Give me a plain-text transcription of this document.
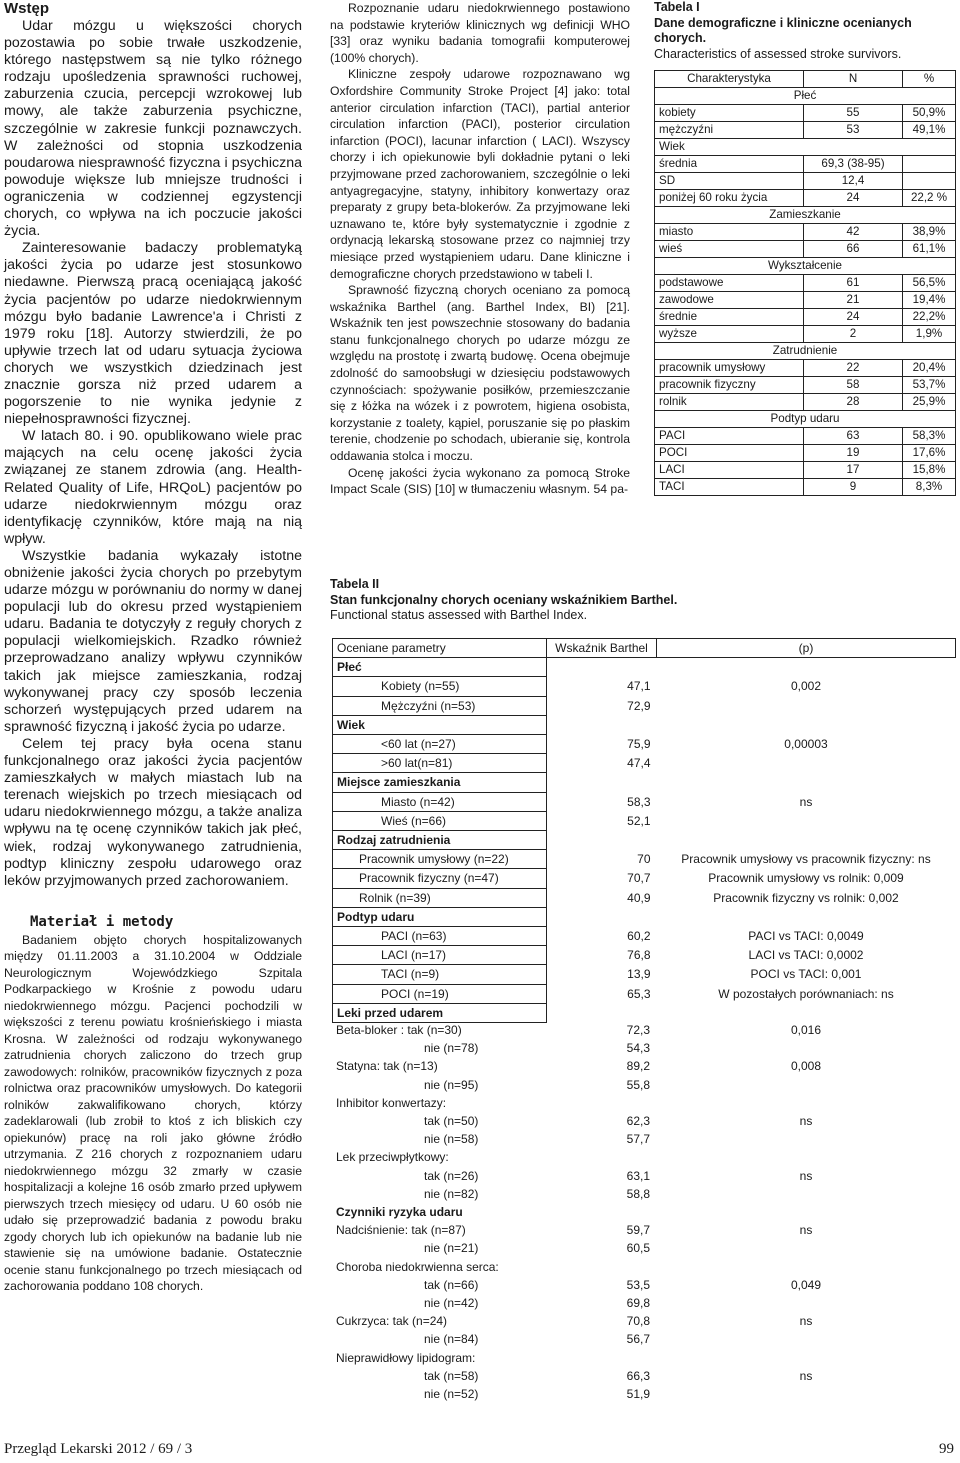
Wstęp

Udar mózgu u większości chorych pozostawia po sobie trwałe uszkodzenie, którego następstwem są nie tylko różnego rodzaju upośledzenia sprawności ruchowej, zaburzenia czucia, percepcji wzrokowej lub mowy, ale także zaburzenia psychiczne, szczególnie w zakresie funkcji poznawczych. W zależności od stopnia uszkodzenia poudarowa niesprawność fizyczna i psychiczna powoduje większe lub mniejsze trudności i ograniczenia w codziennej egzystencji chorych, co wpływa na ich poczucie jakości życia.

Zainteresowanie badaczy problematyką jakości życia po udarze jest stosunkowo niedawne. Pierwszą pracą oceniającą jakość życia pacjentów po udarze niedokrwiennym mózgu było badanie Lawrence'a i Christi z 1979 roku [18]. Autorzy stwierdzili, że po upływie trzech lat od udaru sytuacja życiowa chorych we wszystkich dziedzinach jest znacznie gorsza niż przed udarem a pogorszenie to nie wynika jedynie z niepełnosprawności fizycznej.

W latach 80. i 90. opublikowano wiele prac mających na celu ocenę jakości życia związanej ze stanem zdrowia (ang. Health-Related Quality of Life, HRQoL) pacjentów po udarze niedokrwiennym mózgu oraz identyfikację czynników, które mają na nią wpływ.

Wszystkie badania wykazały istotne obniżenie jakości życia chorych po przebytym udarze mózgu w porównaniu do normy w danej populacji lub do okresu przed wystąpieniem udaru. Badania te dotyczyły z reguły chorych z populacji wielkomiejskich. Rzadko również przeprowadzano analizy wpływu czynników takich jak miejsce zamieszkania, rodzaj wykonywanej pracy czy sposób leczenia schorzeń występujących przed udarem na sprawność fizyczną i jakość życia po udarze.

Celem tej pracy była ocena stanu funkcjonalnego oraz jakości życia pacjentów zamieszkałych w małych miastach lub na terenach wiejskich po trzech miesiącach od udaru niedokrwiennego mózgu, a także analiza wpływu na tę ocenę czynników takich jak płeć, wiek, rodzaj wykonywanego zatrudnienia, podtyp kliniczny zespołu udarowego oraz leków przyjmowanych przed zachorowaniem.

Materiał i metody

Badaniem objęto chorych hospitalizowanych między 01.11.2003 a 31.10.2004 w Oddziale Neurologicznym Wojewódzkiego Szpitala Podkarpackiego w Krośnie z powodu udaru niedokrwiennego mózgu. Pacjenci pochodzili w większości z terenu powiatu krośnieńskiego i miasta Krosna. W zależności od rodzaju wykonywanego zatrudnienia chorych zaliczono do trzech grup zawodowych: rolników, pracowników fizycznych z poza rolnictwa oraz pracowników umysłowych. Do kategorii rolników zakwalifikowano chorych, którzy zadeklarowali (lub zrobił to ktoś z ich bliskich czy opiekunów) pracę na roli jako główne źródło utrzymania. Z 216 chorych z rozpoznaniem udaru niedokrwiennego mózgu 32 zmarły w czasie hospitalizacji a kolejne 16 osób zmarło przed upływem pierwszych trzech miesięcy od udaru. U 60 osób nie udało się przeprowadzić badania z powodu braku zgody chorych lub ich opiekunów na badanie lub nie stawienie się na umówione badanie. Ostatecznie ocenie stanu funkcjonalnego po trzech miesiącach od zachorowania poddano 108 chorych.

Rozpoznanie udaru niedokrwiennego postawiono na podstawie kryteriów klinicznych wg definicji WHO [33] oraz wyniku badania tomografii komputerowej (100% chorych).

Kliniczne zespoły udarowe rozpoznawano wg Oxfordshire Community Stroke Project [4] jako: total anterior circulation infarction (TACI), partial anterior circulation infarction (PACI), posterior circulation infarction (POCI), lacunar infarction ( LACI). Wszyscy chorzy i ich opiekunowie byli dokładnie pytani o leki przyjmowane przed zachorowaniem, szczególnie o leki antyagregacyjne, statyny, inhibitory konwertazy oraz preparaty z grupy beta-blokerów. Za przyjmowane leki uznawano te, które były systematycznie i zgodnie z ordynacją lekarską stosowane przez co najmniej trzy miesiące przed wystąpieniem udaru. Dane kliniczne i demograficzne chorych przedstawiono w tabeli I.

Sprawność fizyczną chorych oceniano za pomocą wskaźnika Barthel (ang. Barthel Index, BI) [21]. Wskaźnik ten jest powszechnie stosowany do badania stanu funkcjonalnego chorych po udarze mózgu ze względu na prostotę i zwartą budowę. Ocena obejmuje zdolność do samoobsługi w dziesięciu podstawowych czynnościach: spożywanie posiłków, przemieszczanie się z łóżka na wózek i z powrotem, higiena osobista, korzystanie z toalety, kąpiel, poruszanie się po płaskim terenie, chodzenie po schodach, ubieranie się, kontrola oddawania stolca i moczu.

Ocenę jakości życia wykonano za pomocą Stroke Impact Scale (SIS) [10] w tłumaczeniu własnym. 54 pa-

Tabela I
Dane demograficzne i kliniczne ocenianych chorych.
Characteristics of assessed stroke survivors.
Charakterystyka	N	%
Płeć		
kobiety	55	50,9%
mężczyźni	53	49,1%
Wiek		
średnia	69,3 (38-95)	
SD	12,4	
poniżej 60 roku życia	24	22,2 %
Zamieszkanie		
miasto	42	38,9%
wieś	66	61,1%
Wykształcenie		
podstawowe	61	56,5%
zawodowe	21	19,4%
średnie	24	22,2%
wyższe	2	1,9%
Zatrudnienie		
pracownik umysłowy	22	20,4%
pracownik fizyczny	58	53,7%
rolnik	28	25,9%
Podtyp udaru		
PACI	63	58,3%
POCI	19	17,6%
LACI	17	15,8%
TACI	9	8,3%
Tabela II
Stan funkcjonalny chorych oceniany wskaźnikiem Barthel.
Functional status assessed with Barthel Index.
Oceniane parametry	Wskaźnik Barthel	(p)
Płeć		
Kobiety (n=55)	47,1	0,002
Mężczyźni (n=53)	72,9	
Wiek		
<60 lat (n=27)	75,9	0,00003
>60 lat(n=81)	47,4	
Miejsce zamieszkania		
Miasto (n=42)	58,3	ns
Wieś (n=66)	52,1	
Rodzaj zatrudnienia		
Pracownik umysłowy (n=22)	70	Pracownik umysłowy vs pracownik fizyczny: ns
Pracownik fizyczny (n=47)	70,7	Pracownik umysłowy vs rolnik: 0,009
Rolnik (n=39)	40,9	Pracownik fizyczny vs rolnik: 0,002
Podtyp udaru		
PACI (n=63)	60,2	PACI vs TACI: 0,0049
LACI (n=17)	76,8	LACI vs TACI: 0,0002
TACI (n=9)	13,9	POCI vs TACI: 0,001
POCI (n=19)	65,3	W pozostałych porównaniach: ns
Leki przed udarem		
Beta-bloker : tak (n=30)	72,3	0,016
nie (n=78)	54,3	
Statyna: tak (n=13)	89,2	0,008
nie (n=95)	55,8	
Inhibitor konwertazy:		
tak (n=50)	62,3	ns
nie (n=58)	57,7	
Lek przeciwpłytkowy:		
tak (n=26)	63,1	ns
nie (n=82)	58,8	
Czynniki ryzyka udaru		
Nadciśnienie: tak (n=87)	59,7	ns
nie (n=21)	60,5	
Choroba niedokrwienna serca:		
tak (n=66)	53,5	0,049
nie (n=42)	69,8	
Cukrzyca: tak (n=24)	70,8	ns
nie (n=84)	56,7	
Nieprawidłowy lipidogram:		
tak (n=58)	66,3	ns
nie (n=52)	51,9	
Przegląd Lekarski 2012 / 69 / 3	99
